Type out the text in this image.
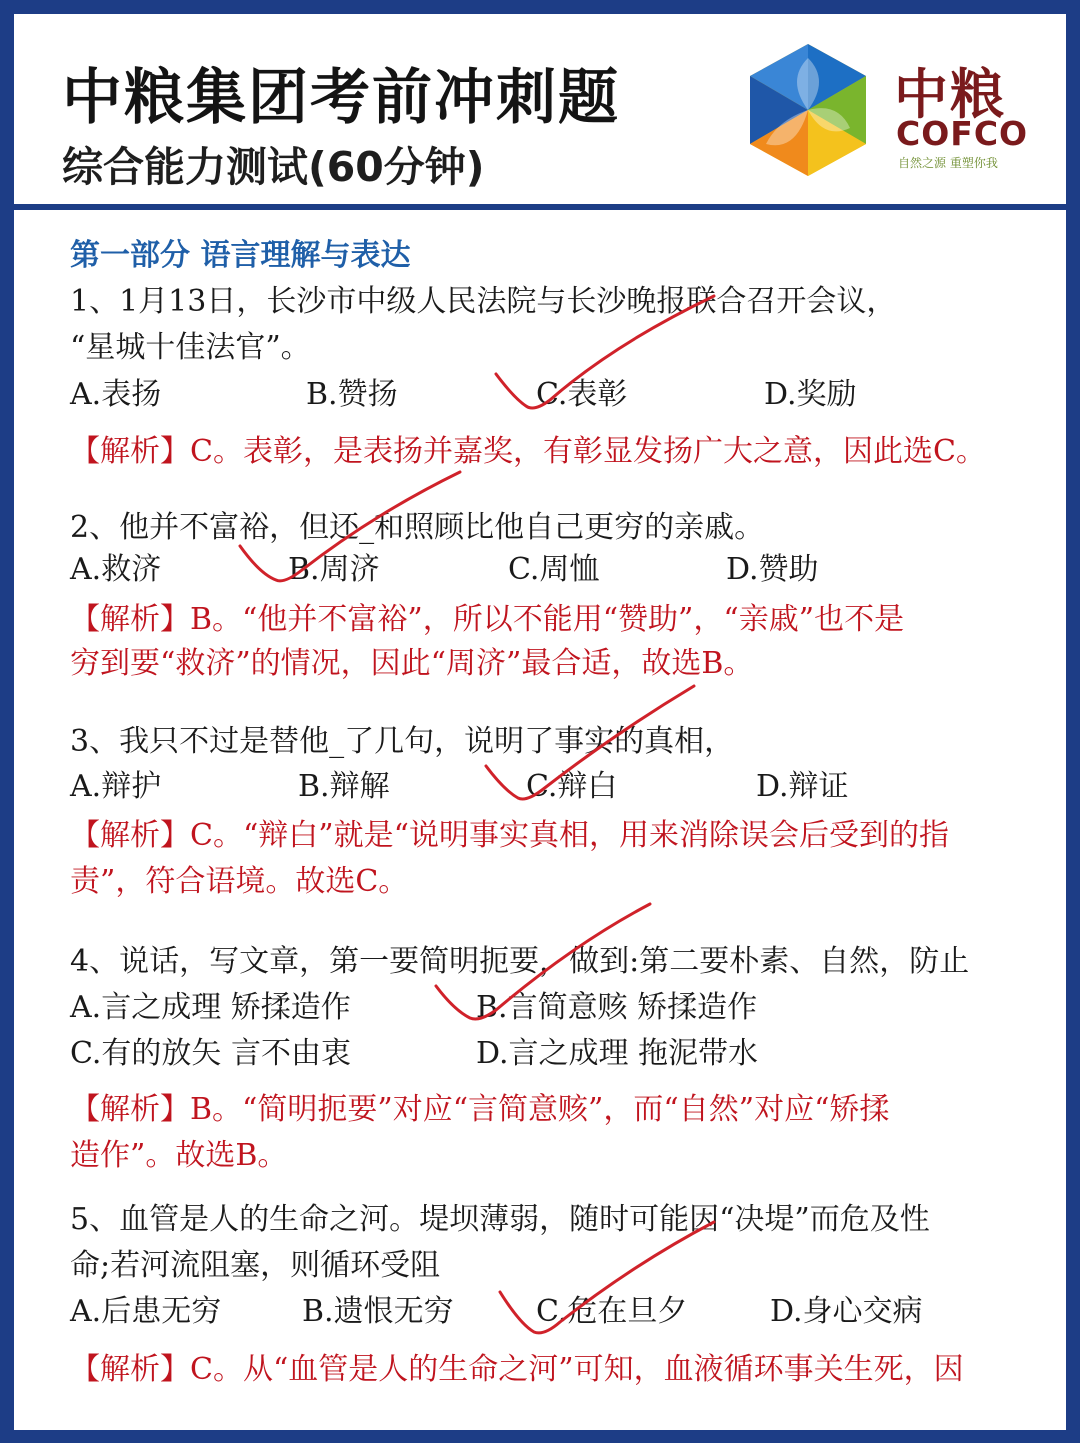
中粮集团考前冲刺题
综合能力测试(60分钟)
中粮
COFCO
自然之源 重塑你我
第一部分 语言理解与表达
1、1月13日，长沙市中级人民法院与长沙晚报联合召开会议，
“星城十佳法官”。
A.表扬	B.赞扬	C.表彰	D.奖励
【解析】C。表彰，是表扬并嘉奖，有彰显发扬广大之意，因此选C。
2、他并不富裕，但还_和照顾比他自己更穷的亲戚。
A.救济	B.周济	C.周恤	D.赞助
【解析】B。“他并不富裕”，所以不能用“赞助”，“亲戚”也不是
穷到要“救济”的情况，因此“周济”最合适，故选B。
3、我只不过是替他_了几句，说明了事实的真相，
A.辩护	B.辩解	C.辩白	D.辩证
【解析】C。“辩白”就是“说明事实真相，用来消除误会后受到的指
责”，符合语境。故选C。
4、说话，写文章，第一要简明扼要，做到:第二要朴素、自然，防止
A.言之成理 矫揉造作	B.言简意赅 矫揉造作
C.有的放矢 言不由衷	D.言之成理 拖泥带水
【解析】B。“简明扼要”对应“言简意赅”，而“自然”对应“矫揉
造作”。故选B。
5、血管是人的生命之河。堤坝薄弱，随时可能因“决堤”而危及性
命;若河流阻塞，则循环受阻
A.后患无穷	B.遗恨无穷	C.危在旦夕	D.身心交病
【解析】C。从“血管是人的生命之河”可知，血液循环事关生死，因
